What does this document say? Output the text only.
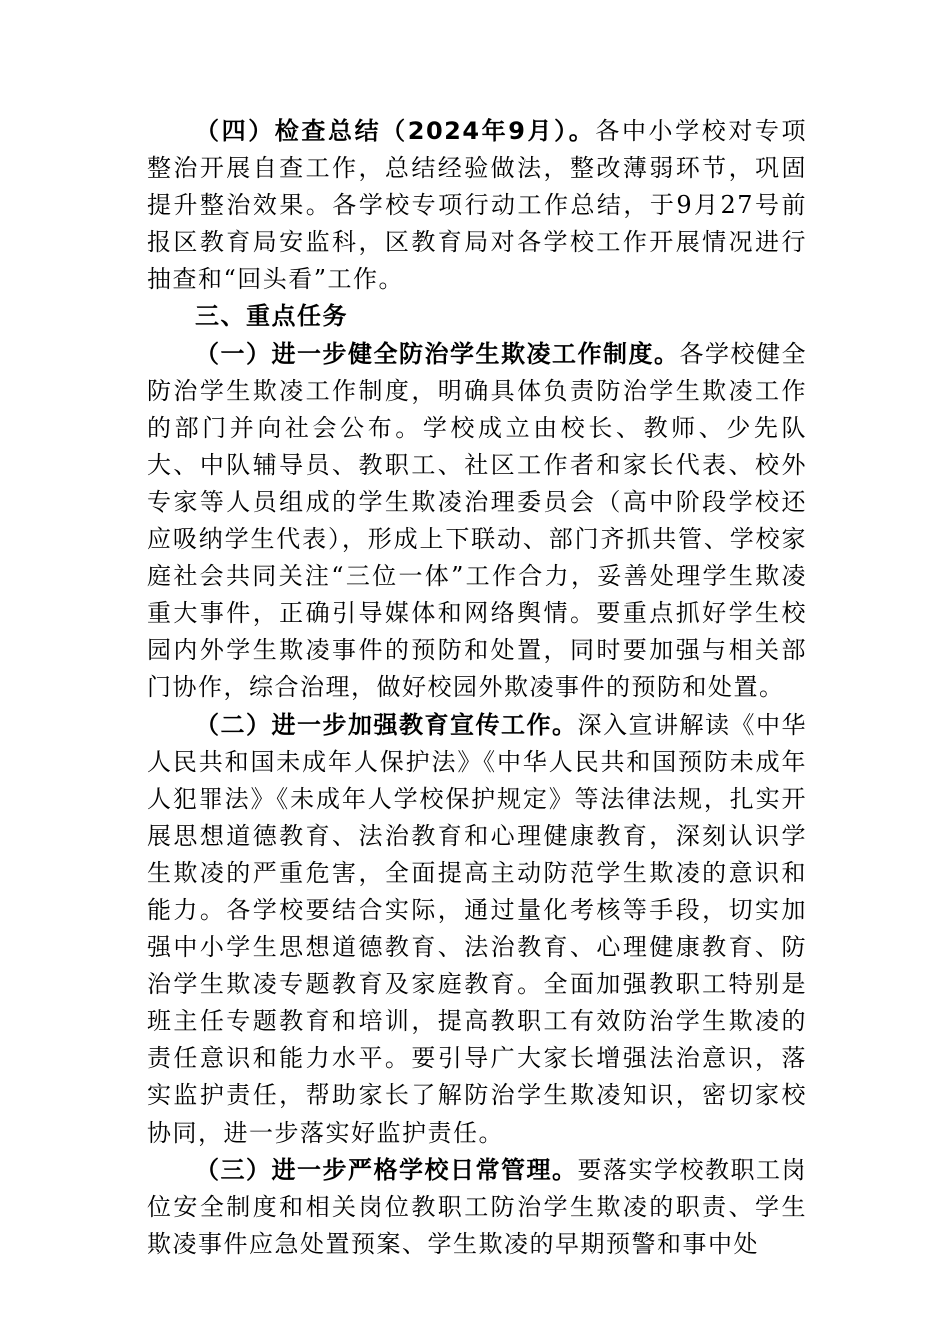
（四）检查总结（2024年9月）。各中小学校对专项整治开展自查工作，总结经验做法，整改薄弱环节，巩固提升整治效果。各学校专项行动工作总结，于9月27号前报区教育局安监科，区教育局对各学校工作开展情况进行抽查和“回头看”工作。

三、重点任务

（一）进一步健全防治学生欺凌工作制度。各学校健全防治学生欺凌工作制度，明确具体负责防治学生欺凌工作的部门并向社会公布。学校成立由校长、教师、少先队大、中队辅导员、教职工、社区工作者和家长代表、校外专家等人员组成的学生欺凌治理委员会（高中阶段学校还应吸纳学生代表），形成上下联动、部门齐抓共管、学校家庭社会共同关注“三位一体”工作合力，妥善处理学生欺凌重大事件，正确引导媒体和网络舆情。要重点抓好学生校园内外学生欺凌事件的预防和处置，同时要加强与相关部门协作，综合治理，做好校园外欺凌事件的预防和处置。

（二）进一步加强教育宣传工作。深入宣讲解读《中华人民共和国未成年人保护法》《中华人民共和国预防未成年人犯罪法》《未成年人学校保护规定》等法律法规，扎实开展思想道德教育、法治教育和心理健康教育，深刻认识学生欺凌的严重危害，全面提高主动防范学生欺凌的意识和能力。各学校要结合实际，通过量化考核等手段，切实加强中小学生思想道德教育、法治教育、心理健康教育、防治学生欺凌专题教育及家庭教育。全面加强教职工特别是班主任专题教育和培训，提高教职工有效防治学生欺凌的责任意识和能力水平。要引导广大家长增强法治意识，落实监护责任，帮助家长了解防治学生欺凌知识，密切家校协同，进一步落实好监护责任。

（三）进一步严格学校日常管理。要落实学校教职工岗位安全制度和相关岗位教职工防治学生欺凌的职责、学生欺凌事件应急处置预案、学生欺凌的早期预警和事中处
